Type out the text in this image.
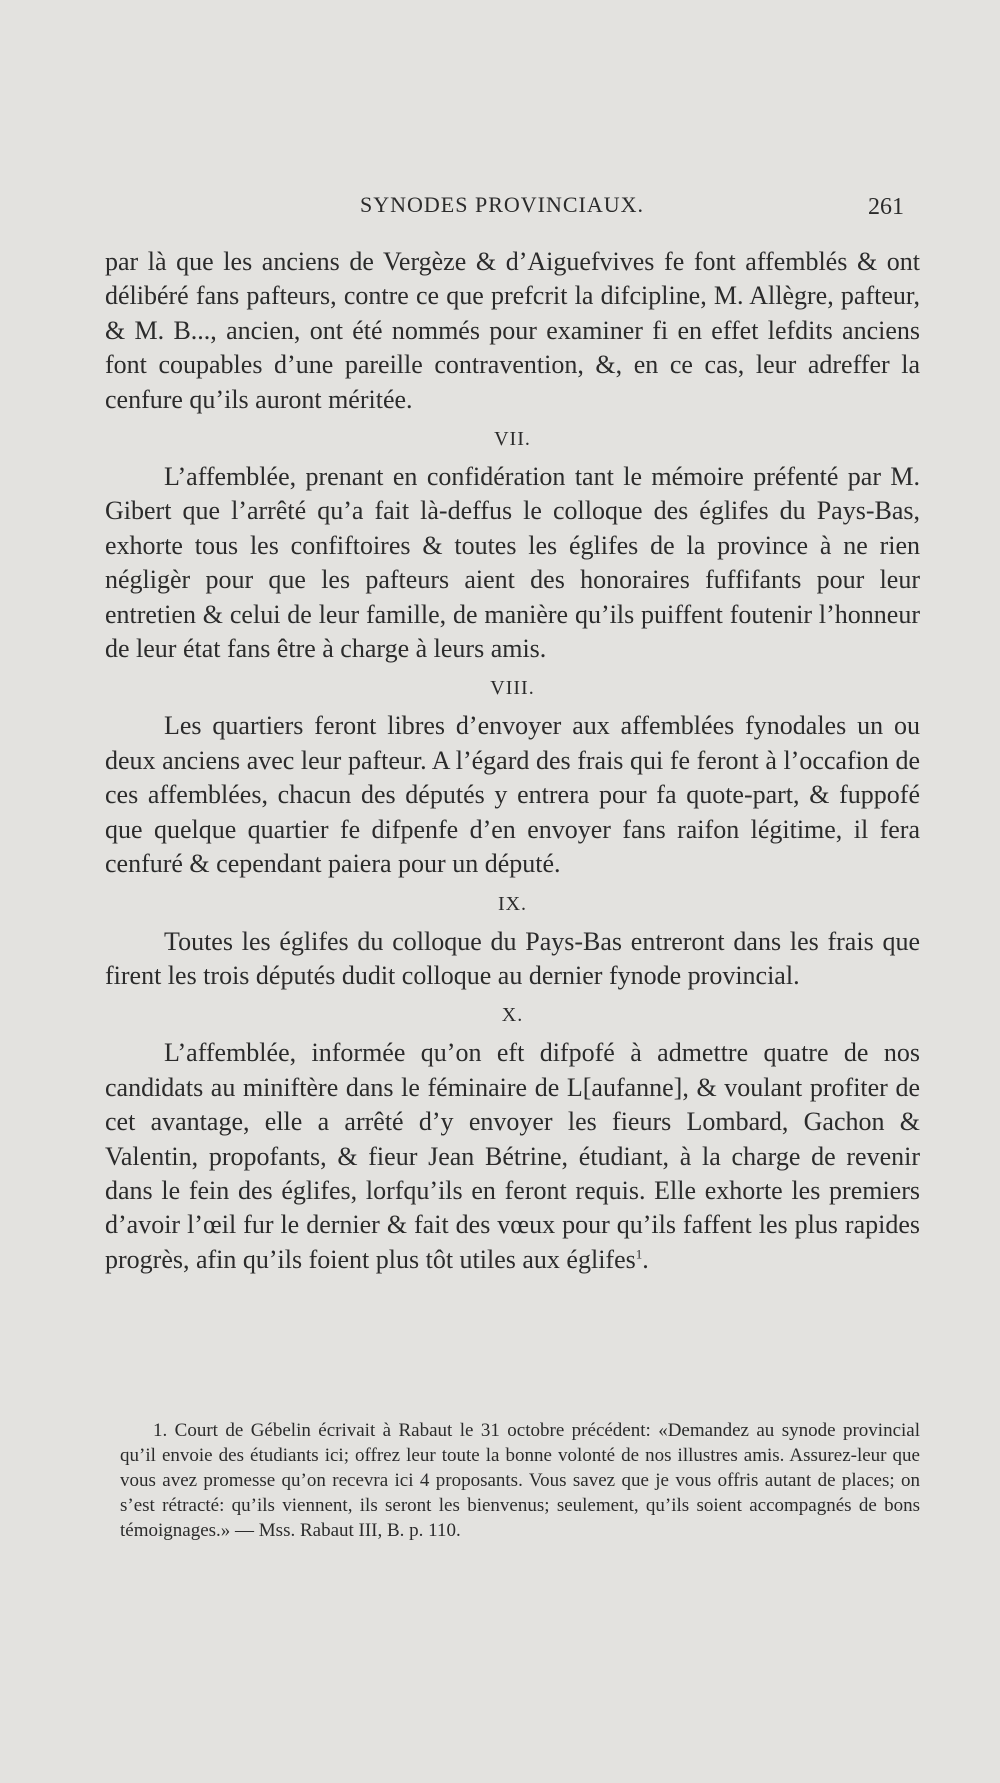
SYNODES PROVINCIAUX.	261

par là que les anciens de Vergèze & d’Aiguefvives fe font affemblés & ont délibéré fans pafteurs, contre ce que prefcrit la difcipline, M. Allègre, pafteur, & M. B..., ancien, ont été nommés pour examiner fi en effet lefdits anciens font coupables d’une pareille contravention, &, en ce cas, leur adreffer la cenfure qu’ils auront méritée.

VII.

L’affemblée, prenant en confidération tant le mémoire préfenté par M. Gibert que l’arrêté qu’a fait là-deffus le colloque des églifes du Pays-Bas, exhorte tous les confiftoires & toutes les églifes de la province à ne rien négligèr pour que les pafteurs aient des honoraires fuffifants pour leur entretien & celui de leur famille, de manière qu’ils puiffent foutenir l’honneur de leur état fans être à charge à leurs amis.

VIII.

Les quartiers feront libres d’envoyer aux affemblées fynodales un ou deux anciens avec leur pafteur. A l’égard des frais qui fe feront à l’occafion de ces affemblées, chacun des députés y entrera pour fa quote-part, & fuppofé que quelque quartier fe difpenfe d’en envoyer fans raifon légitime, il fera cenfuré & cependant paiera pour un député.

IX.

Toutes les églifes du colloque du Pays-Bas entreront dans les frais que firent les trois députés dudit colloque au dernier fynode provincial.

X.

L’affemblée, informée qu’on eft difpofé à admettre quatre de nos candidats au miniftère dans le féminaire de L[aufanne], & voulant profiter de cet avantage, elle a arrêté d’y envoyer les fieurs Lombard, Gachon & Valentin, propofants, & fieur Jean Bétrine, étudiant, à la charge de revenir dans le fein des églifes, lorfqu’ils en feront requis. Elle exhorte les premiers d’avoir l’œil fur le dernier & fait des vœux pour qu’ils faffent les plus rapides progrès, afin qu’ils foient plus tôt utiles aux églifes$^1$.

1. Court de Gébelin écrivait à Rabaut le 31 octobre précédent: «Demandez au synode provincial qu’il envoie des étudiants ici; offrez leur toute la bonne volonté de nos illustres amis. Assurez-leur que vous avez promesse qu’on recevra ici 4 proposants. Vous savez que je vous offris autant de places; on s’est rétracté: qu’ils viennent, ils seront les bienvenus; seulement, qu’ils soient accompagnés de bons témoignages.» — Mss. Rabaut III, B. p. 110.
